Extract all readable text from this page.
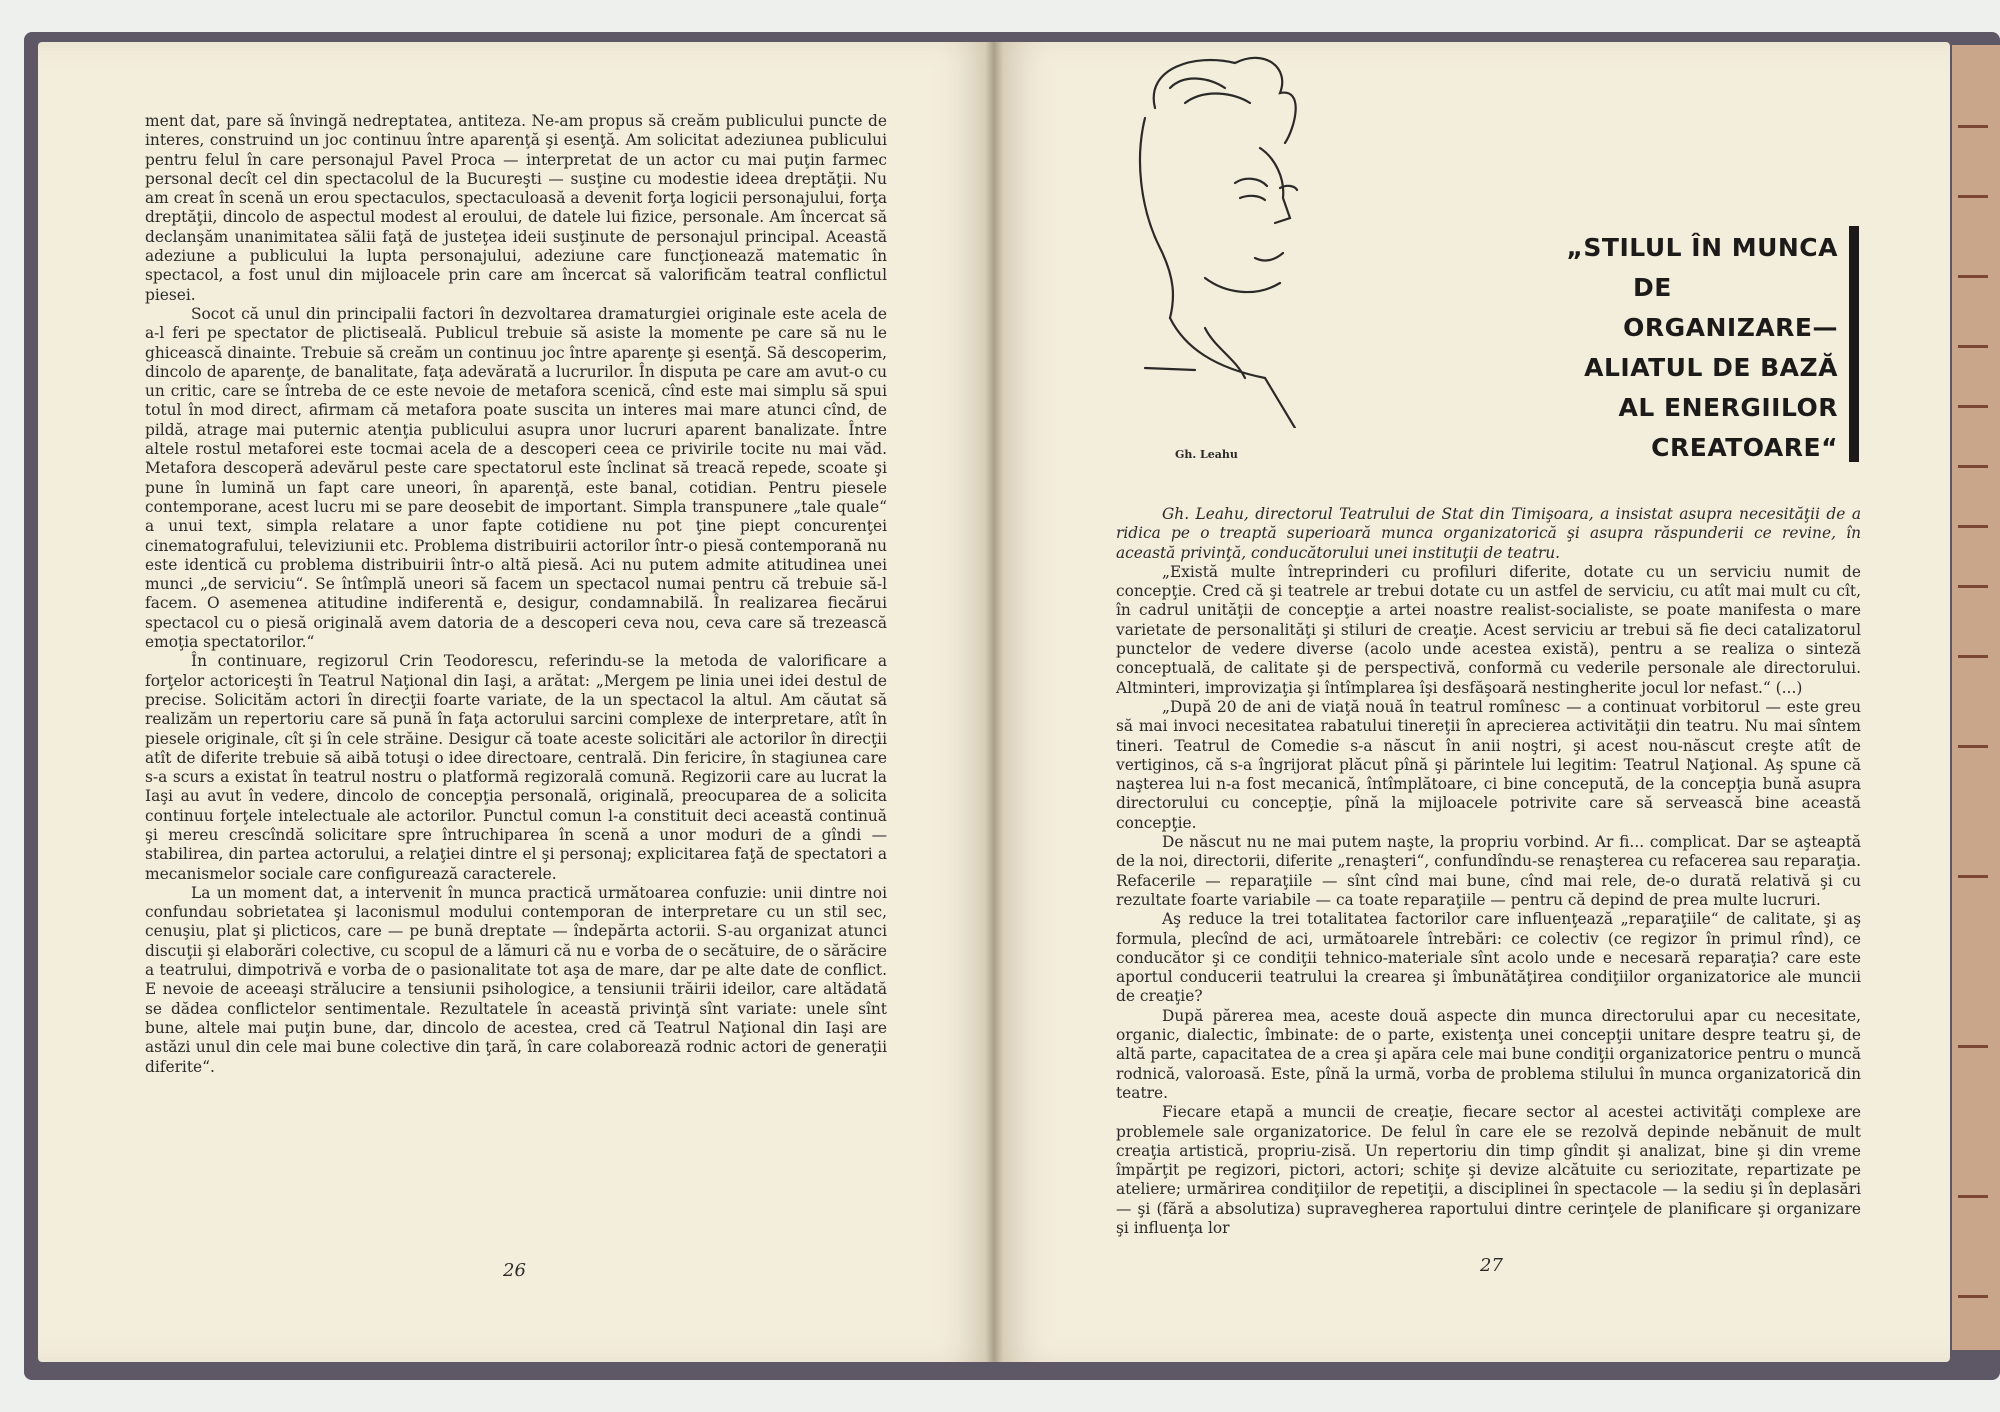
ment dat, pare să învingă nedreptatea, antiteza. Ne-am propus să creăm publicului puncte de interes, construind un joc continuu între aparenţă şi esenţă. Am solicitat adeziunea publicului pentru felul în care personajul Pavel Proca — interpretat de un actor cu mai puţin farmec personal decît cel din spectacolul de la Bucureşti — susţine cu modestie ideea dreptăţii. Nu am creat în scenă un erou spectaculos, spectaculoasă a devenit forţa logicii personajului, forţa dreptăţii, dincolo de aspectul modest al eroului, de datele lui fizice, personale. Am încercat să declanşăm unanimitatea sălii faţă de justeţea ideii susţinute de personajul principal. Această adeziune a publicului la lupta personajului, adeziune care funcţionează matematic în spectacol, a fost unul din mijloacele prin care am încercat să valorificăm teatral conflictul piesei.

Socot că unul din principalii factori în dezvoltarea dramaturgiei originale este acela de a-l feri pe spectator de plictiseală. Publicul trebuie să asiste la momente pe care să nu le ghicească dinainte. Trebuie să creăm un continuu joc între aparenţe şi esenţă. Să descoperim, dincolo de aparenţe, de banalitate, faţa adevărată a lucrurilor. În disputa pe care am avut-o cu un critic, care se întreba de ce este nevoie de metafora scenică, cînd este mai simplu să spui totul în mod direct, afirmam că metafora poate suscita un interes mai mare atunci cînd, de pildă, atrage mai puternic atenţia publicului asupra unor lucruri aparent banalizate. Între altele rostul metaforei este tocmai acela de a descoperi ceea ce privirile tocite nu mai văd. Metafora descoperă adevărul peste care spectatorul este înclinat să treacă repede, scoate şi pune în lumină un fapt care uneori, în aparenţă, este banal, cotidian. Pentru piesele contemporane, acest lucru mi se pare deosebit de important. Simpla transpunere „tale quale“ a unui text, simpla relatare a unor fapte cotidiene nu pot ţine piept concurenţei cinematografului, televiziunii etc. Problema distribuirii actorilor într-o piesă contemporană nu este identică cu problema distribuirii într-o altă piesă. Aci nu putem admite atitudinea unei munci „de serviciu“. Se întîmplă uneori să facem un spectacol numai pentru că trebuie să-l facem. O asemenea atitudine indiferentă e, desigur, condamnabilă. În realizarea fiecărui spectacol cu o piesă originală avem datoria de a descoperi ceva nou, ceva care să trezească emoţia spectatorilor.“

În continuare, regizorul Crin Teodorescu, referindu-se la metoda de valorificare a forţelor actoriceşti în Teatrul Naţional din Iaşi, a arătat: „Mergem pe linia unei idei destul de precise. Solicităm actori în direcţii foarte variate, de la un spectacol la altul. Am căutat să realizăm un repertoriu care să pună în faţa actorului sarcini complexe de interpretare, atît în piesele originale, cît şi în cele străine. Desigur că toate aceste solicitări ale actorilor în direcţii atît de diferite trebuie să aibă totuşi o idee directoare, centrală. Din fericire, în stagiunea care s-a scurs a existat în teatrul nostru o platformă regizorală comună. Regizorii care au lucrat la Iaşi au avut în vedere, dincolo de concepţia personală, originală, preocuparea de a solicita continuu forţele intelectuale ale actorilor. Punctul comun l-a constituit deci această continuă şi mereu crescîndă solicitare spre întruchiparea în scenă a unor moduri de a gîndi — stabilirea, din partea actorului, a relaţiei dintre el şi personaj; explicitarea faţă de spectatori a mecanismelor sociale care configurează caracterele.

La un moment dat, a intervenit în munca practică următoarea confuzie: unii dintre noi confundau sobrietatea şi laconismul modului contemporan de interpretare cu un stil sec, cenuşiu, plat şi plicticos, care — pe bună dreptate — îndepărta actorii. S-au organizat atunci discuţii şi elaborări colective, cu scopul de a lămuri că nu e vorba de o secătuire, de o sărăcire a teatrului, dimpotrivă e vorba de o pasionalitate tot aşa de mare, dar pe alte date de conflict. E nevoie de aceeaşi strălucire a tensiunii psihologice, a tensiunii trăirii ideilor, care altădată se dădea conflictelor sentimentale. Rezultatele în această privinţă sînt variate: unele sînt bune, altele mai puţin bune, dar, dincolo de acestea, cred că Teatrul Naţional din Iaşi are astăzi unul din cele mai bune colective din ţară, în care colaborează rodnic actori de generaţii diferite“.

26
Gh. Leahu
„STILUL ÎN MUNCA
DE
ORGANIZARE—
ALIATUL DE BAZĂ
AL ENERGIILOR
CREATOARE“

Gh. Leahu, directorul Teatrului de Stat din Timişoara, a insistat asupra necesităţii de a ridica pe o treaptă superioară munca organizatorică şi asupra răspunderii ce revine, în această privinţă, conducătorului unei instituţii de teatru.

„Există multe întreprinderi cu profiluri diferite, dotate cu un serviciu numit de concepţie. Cred că şi teatrele ar trebui dotate cu un astfel de serviciu, cu atît mai mult cu cît, în cadrul unităţii de concepţie a artei noastre realist-socialiste, se poate manifesta o mare varietate de personalităţi şi stiluri de creaţie. Acest serviciu ar trebui să fie deci catalizatorul punctelor de vedere diverse (acolo unde acestea există), pentru a se realiza o sinteză conceptuală, de calitate şi de perspectivă, conformă cu vederile personale ale directorului. Altminteri, improvizaţia şi întîmplarea îşi desfăşoară nestingherite jocul lor nefast.“ (...)

„După 20 de ani de viaţă nouă în teatrul romînesc — a continuat vorbitorul — este greu să mai invoci necesitatea rabatului tinereţii în aprecierea activităţii din teatru. Nu mai sîntem tineri. Teatrul de Comedie s-a născut în anii noştri, şi acest nou-născut creşte atît de vertiginos, că s-a îngrijorat plăcut pînă şi părintele lui legitim: Teatrul Naţional. Aş spune că naşterea lui n-a fost mecanică, întîmplătoare, ci bine concepută, de la concepţia bună asupra directorului cu concepţie, pînă la mijloacele potrivite care să servească bine această concepţie.

De născut nu ne mai putem naşte, la propriu vorbind. Ar fi... complicat. Dar se aşteaptă de la noi, directorii, diferite „renaşteri“, confundîndu-se renaşterea cu refacerea sau reparaţia. Refacerile — reparaţiile — sînt cînd mai bune, cînd mai rele, de-o durată relativă şi cu rezultate foarte variabile — ca toate reparaţiile — pentru că depind de prea multe lucruri.

Aş reduce la trei totalitatea factorilor care influenţează „reparaţiile“ de calitate, şi aş formula, plecînd de aci, următoarele întrebări: ce colectiv (ce regizor în primul rînd), ce conducător şi ce condiţii tehnico-materiale sînt acolo unde e necesară reparaţia? care este aportul conducerii teatrului la crearea şi îmbunătăţirea condiţiilor organizatorice ale muncii de creaţie?

După părerea mea, aceste două aspecte din munca directorului apar cu necesitate, organic, dialectic, îmbinate: de o parte, existenţa unei concepţii unitare despre teatru şi, de altă parte, capacitatea de a crea şi apăra cele mai bune condiţii organizatorice pentru o muncă rodnică, valoroasă. Este, pînă la urmă, vorba de problema stilului în munca organizatorică din teatre.

Fiecare etapă a muncii de creaţie, fiecare sector al acestei activităţi complexe are problemele sale organizatorice. De felul în care ele se rezolvă depinde nebănuit de mult creaţia artistică, propriu-zisă. Un repertoriu din timp gîndit şi analizat, bine şi din vreme împărţit pe regizori, pictori, actori; schiţe şi devize alcătuite cu seriozitate, repartizate pe ateliere; urmărirea condiţiilor de repetiţii, a disciplinei în spectacole — la sediu şi în deplasări — şi (fără a absolutiza) supravegherea raportului dintre cerinţele de planificare şi organizare şi influenţa lor

27
